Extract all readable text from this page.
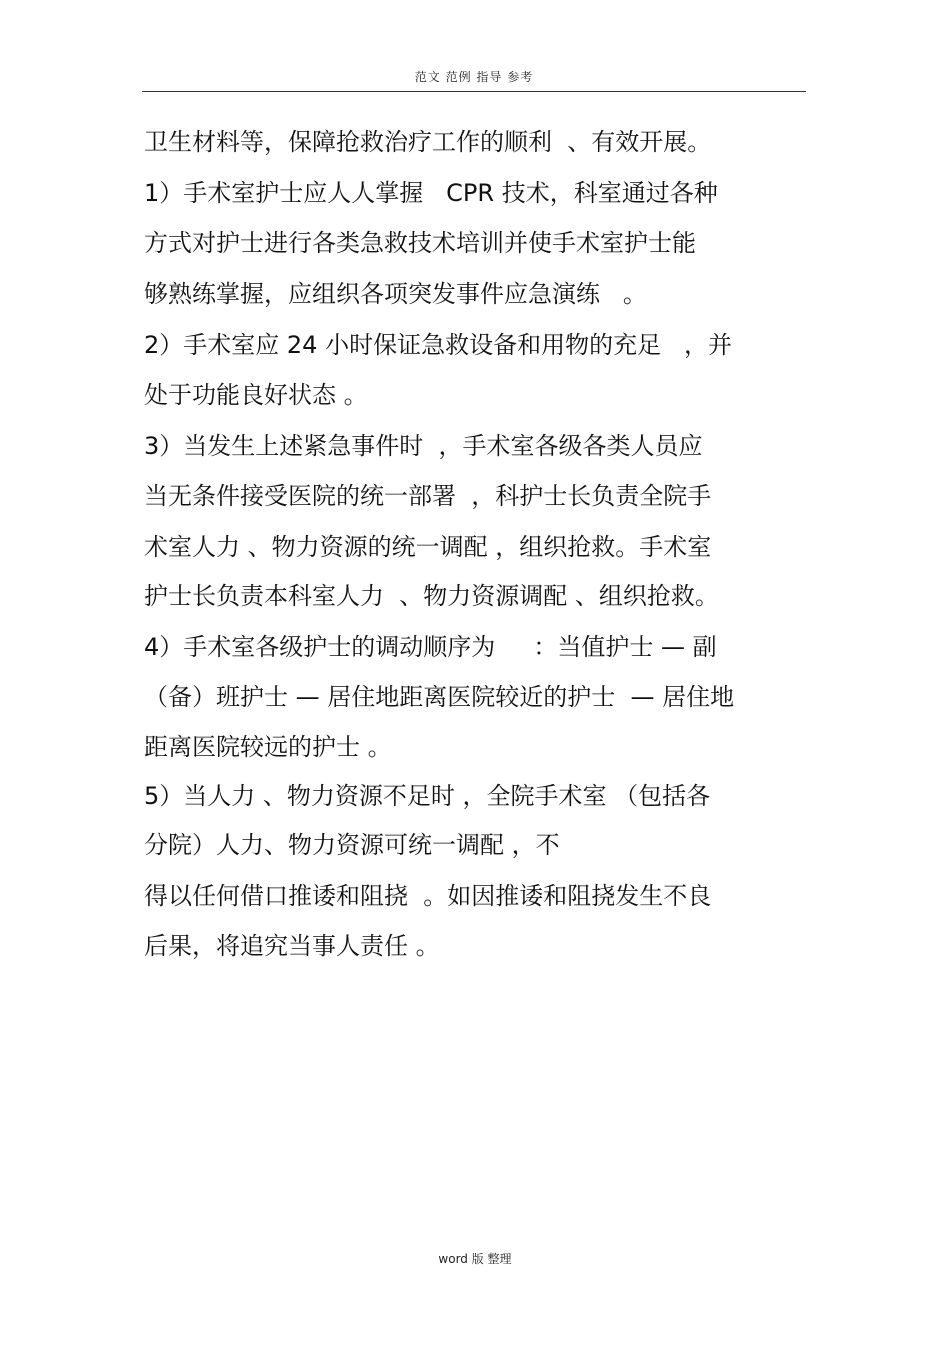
范文 范例 指导 参考
卫生材料等，保障抢救治疗工作的顺利  、有效开展。
1）手术室护士应人人掌握   CPR 技术，科室通过各种
方式对护士进行各类急救技术培训并使手术室护士能
够熟练掌握，应组织各项突发事件应急演练   。
2）手术室应 24 小时保证急救设备和用物的充足   ，并
处于功能良好状态 。
3）当发生上述紧急事件时  ，手术室各级各类人员应
当无条件接受医院的统一部署  ，科护士长负责全院手
术室人力 、物力资源的统一调配 ，组织抢救。手术室
护士长负责本科室人力  、物力资源调配 、组织抢救。
4）手术室各级护士的调动顺序为     ：当值护士 — 副
（备）班护士 — 居住地距离医院较近的护士  — 居住地
距离医院较远的护士 。
5）当人力 、物力资源不足时 ，全院手术室 （包括各
分院）人力、物力资源可统一调配 ，不
得以任何借口推诿和阻挠  。如因推诿和阻挠发生不良
后果，将追究当事人责任 。
word 版 整理
